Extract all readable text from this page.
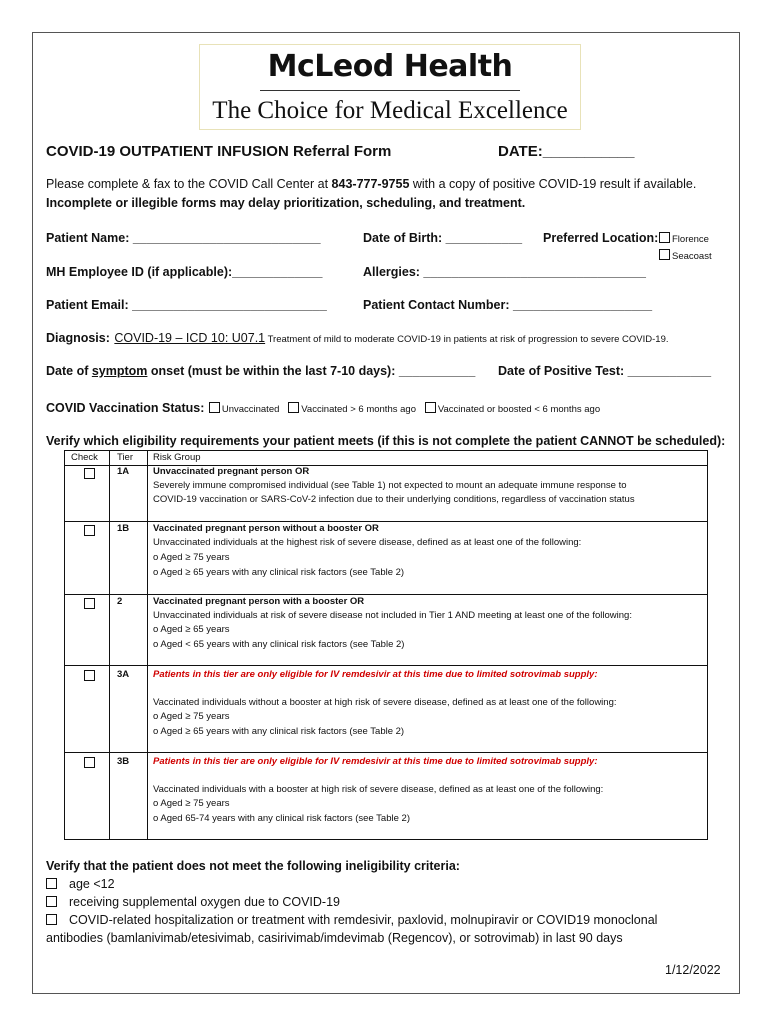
McLeod Health
The Choice for Medical Excellence
COVID-19 OUTPATIENT INFUSION Referral Form	DATE:___________
Please complete & fax to the COVID Call Center at 843-777-9755 with a copy of positive COVID-19 result if available.
Incomplete or illegible forms may delay prioritization, scheduling, and treatment.
Patient Name: ___________________________	Date of Birth: ___________ Preferred Location:	Florence
Seacoast
MH Employee ID (if applicable):_____________	Allergies: ________________________________
Patient Email: ____________________________	Patient Contact Number: ____________________
Diagnosis: COVID-19 – ICD 10: U07.1 Treatment of mild to moderate COVID-19 in patients at risk of progression to severe COVID-19.
Date of symptom onset (must be within the last 7-10 days): ___________ Date of Positive Test: ____________
COVID Vaccination Status: Unvaccinated Vaccinated > 6 months ago Vaccinated or boosted < 6 months ago
Verify which eligibility requirements your patient meets (if this is not complete the patient CANNOT be scheduled):
Check Tier Risk Group
1A	Unvaccinated pregnant person OR
Severely immune compromised individual (see Table 1) not expected to mount an adequate immune response to
COVID-19 vaccination or SARS-CoV-2 infection due to their underlying conditions, regardless of vaccination status
1B	Vaccinated pregnant person without a booster OR
Unvaccinated individuals at the highest risk of severe disease, defined as at least one of the following:
o Aged ≥ 75 years
o Aged ≥ 65 years with any clinical risk factors (see Table 2)
2	Vaccinated pregnant person with a booster OR
Unvaccinated individuals at risk of severe disease not included in Tier 1 AND meeting at least one of the following:
o Aged ≥ 65 years
o Aged < 65 years with any clinical risk factors (see Table 2)
3A	Patients in this tier are only eligible for IV remdesivir at this time due to limited sotrovimab supply:
Vaccinated individuals without a booster at high risk of severe disease, defined as at least one of the following:
o Aged ≥ 75 years
o Aged ≥ 65 years with any clinical risk factors (see Table 2)
3B	Patients in this tier are only eligible for IV remdesivir at this time due to limited sotrovimab supply:
Vaccinated individuals with a booster at high risk of severe disease, defined as at least one of the following:
o Aged ≥ 75 years
o Aged 65-74 years with any clinical risk factors (see Table 2)
Verify that the patient does not meet the following ineligibility criteria:
age <12
receiving supplemental oxygen due to COVID-19
COVID-related hospitalization or treatment with remdesivir, paxlovid, molnupiravir or COVID19 monoclonal
antibodies (bamlanivimab/etesivimab, casirivimab/imdevimab (Regencov), or sotrovimab) in last 90 days
1/12/2022
